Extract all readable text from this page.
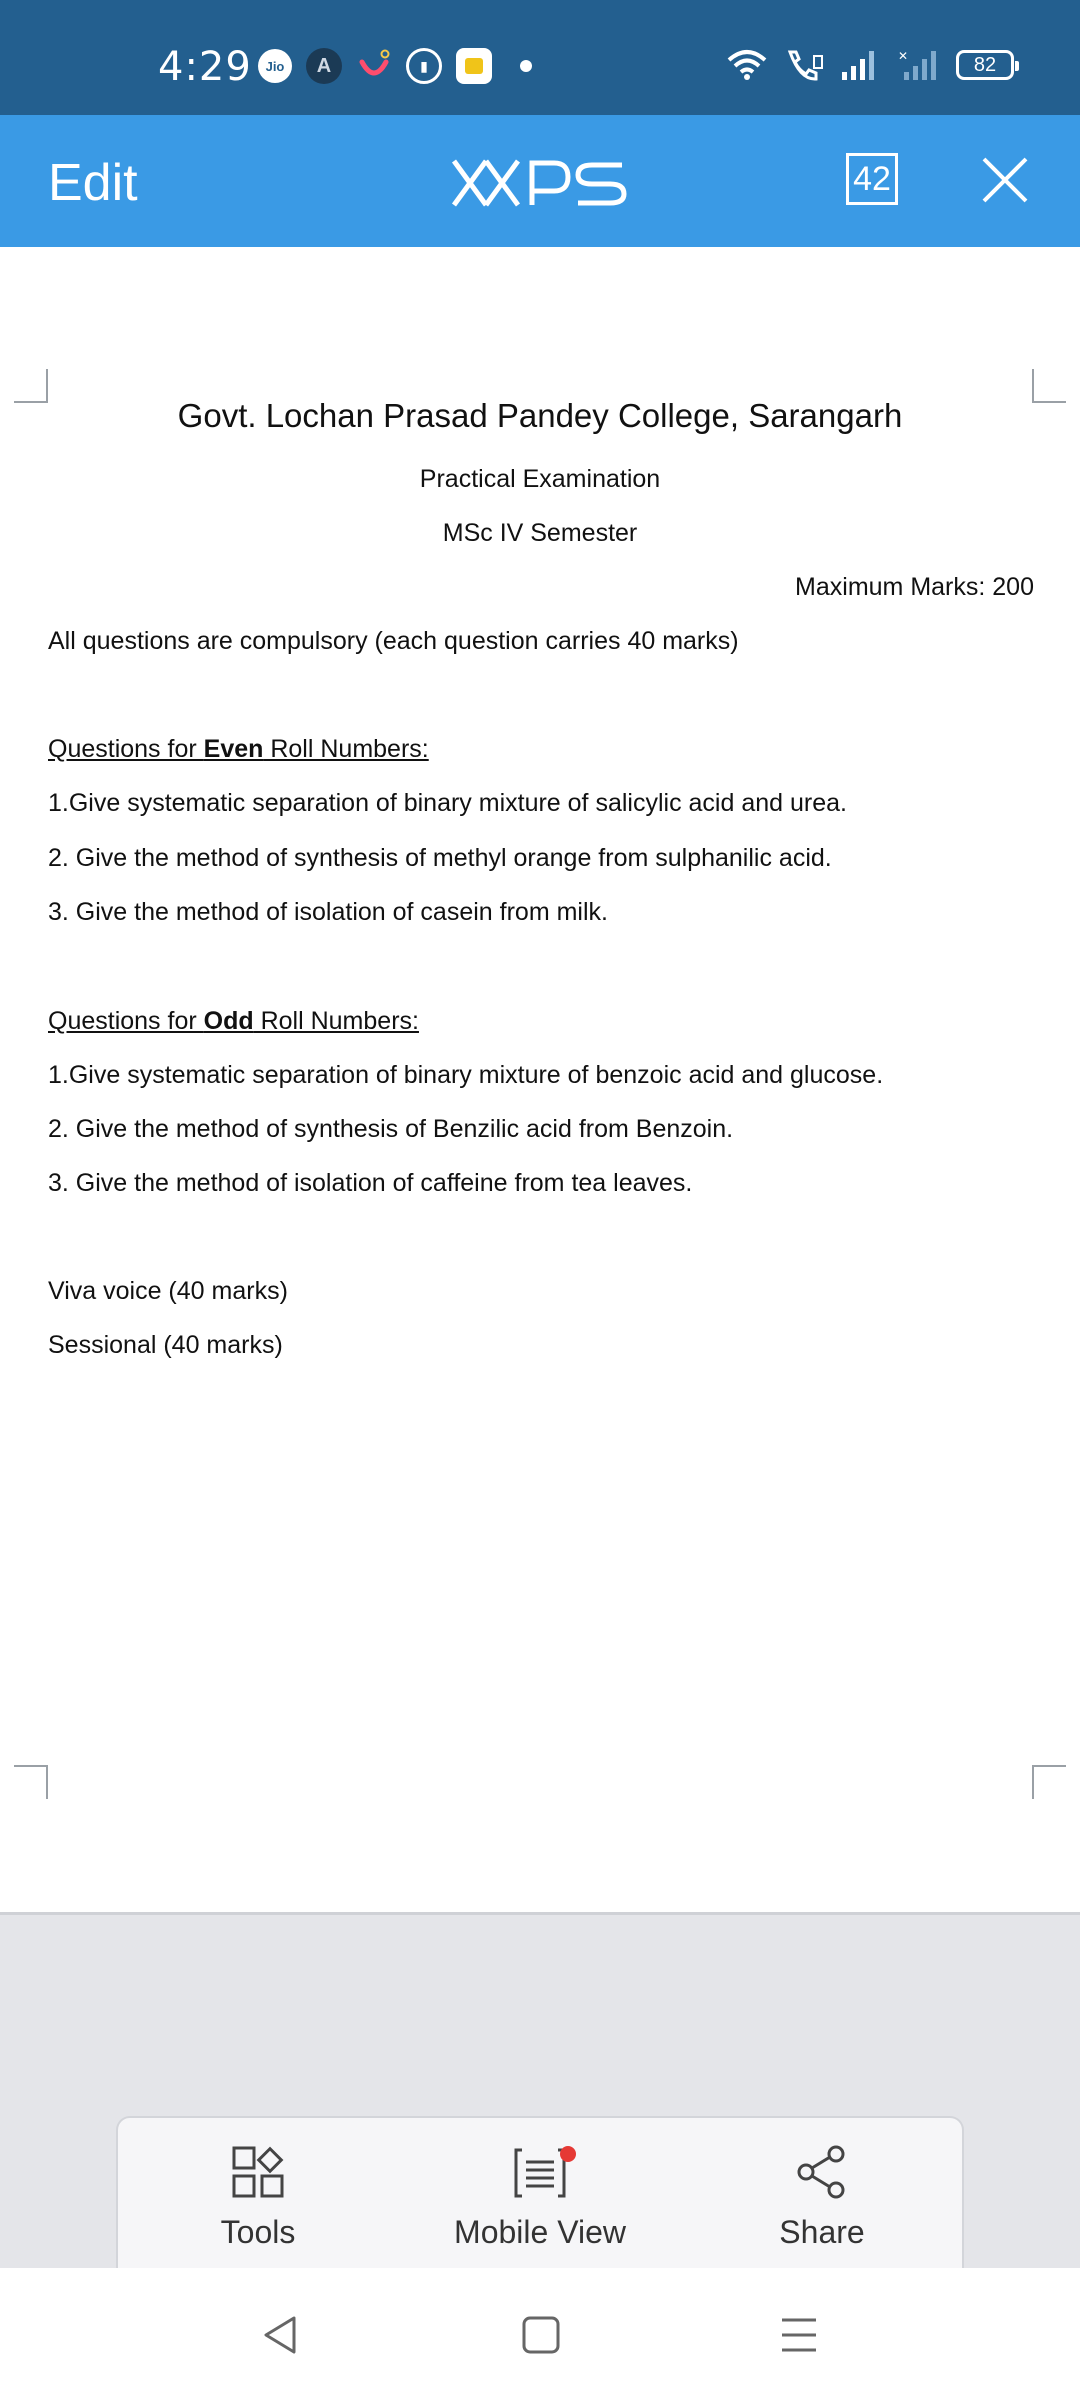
4:29	Jio	A	▮
✕	82
Edit	42
Govt. Lochan Prasad Pandey College, Sarangarh
Practical Examination
MSc IV Semester
Maximum Marks: 200
All questions are compulsory (each question carries 40 marks)
Questions for Even Roll Numbers:
1.Give systematic separation of binary mixture of salicylic acid and urea.
2. Give the method of synthesis of methyl orange from sulphanilic acid.
3. Give the method of isolation of casein from milk.
Questions for Odd Roll Numbers:
1.Give systematic separation of binary mixture of benzoic acid and glucose.
2. Give the method of synthesis of Benzilic acid from Benzoin.
3. Give the method of isolation of caffeine from tea leaves.
Viva voice (40 marks)
Sessional (40 marks)
Tools	Mobile View	Share
